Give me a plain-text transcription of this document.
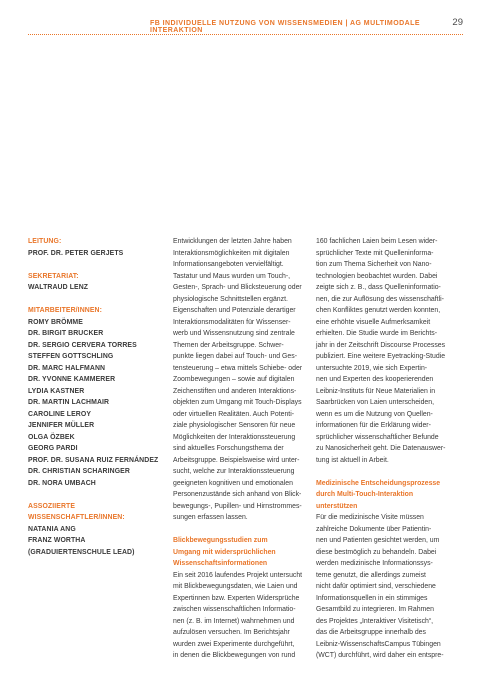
FB INDIVIDUELLE NUTZUNG VON WISSENSMEDIEN | AG MULTIMODALE INTERAKTION
29
LEITUNG:
PROF. DR. PETER GERJETS
SEKRETARIAT:
WALTRAUD LENZ
MITARBEITER/INNEN:
ROMY BRÖMME
DR. BIRGIT BRUCKER
DR. SERGIO CERVERA TORRES
STEFFEN GOTTSCHLING
DR. MARC HALFMANN
DR. YVONNE KAMMERER
LYDIA KASTNER
DR. MARTIN LACHMAIR
CAROLINE LEROY
JENNIFER MÜLLER
OLGA ÖZBEK
GEORG PARDI
PROF. DR. SUSANA RUIZ FERNÁNDEZ
DR. CHRISTIAN SCHARINGER
DR. NORA UMBACH
ASSOZIIERTE
WISSENSCHAFTLER/INNEN:
NATANIA ANG
FRANZ WORTHA
(GRADUIERTENSCHULE LEAD)
Entwicklungen der letzten Jahre haben
Interaktionsmöglichkeiten mit digitalen
Informationsangeboten vervielfältigt.
Tastatur und Maus wurden um Touch-,
Gesten-, Sprach- und Blicksteuerung oder
physiologische Schnittstellen ergänzt.
Eigenschaften und Potenziale derartiger
Interaktionsmodalitäten für Wissenser-
werb und Wissensnutzung sind zentrale
Themen der Arbeitsgruppe. Schwer-
punkte liegen dabei auf Touch- und Ges-
tensteuerung – etwa mittels Schiebe- oder
Zoombewegungen – sowie auf digitalen
Zeichenstiften und anderen Interaktions-
objekten zum Umgang mit Touch-Displays
oder virtuellen Realitäten. Auch Potenti-
ziale physiologischer Sensoren für neue
Möglichkeiten der Interaktionssteuerung
sind aktuelles Forschungsthema der
Arbeitsgruppe. Beispielsweise wird unter-
sucht, welche zur Interaktionssteuerung
geeigneten kognitiven und emotionalen
Personenzustände sich anhand von Blick-
bewegungs-, Pupillen- und Hirnstrommes-
sungen erfassen lassen.
Blickbewegungsstudien zum
Umgang mit widersprüchlichen
Wissenschaftsinformationen
Ein seit 2016 laufendes Projekt untersucht
mit Blickbewegungsdaten, wie Laien und
Expertinnen bzw. Experten Widersprüche
zwischen wissenschaftlichen Informatio-
nen (z. B. im Internet) wahrnehmen und
aufzulösen versuchen. Im Berichtsjahr
wurden zwei Experimente durchgeführt,
in denen die Blickbewegungen von rund
160 fachlichen Laien beim Lesen wider-
sprüchlicher Texte mit Quelleninforma-
tion zum Thema Sicherheit von Nano-
technologien beobachtet wurden. Dabei
zeigte sich z. B., dass Quelleninformatio-
nen, die zur Auflösung des wissenschaftli-
chen Konfliktes genutzt werden konnten,
eine erhöhte visuelle Aufmerksamkeit
erhielten. Die Studie wurde im Berichts-
jahr in der Zeitschrift Discourse Processes
publiziert. Eine weitere Eyetracking-Studie
untersuchte 2019, wie sich Expertin-
nen und Experten des kooperierenden
Leibniz-Instituts für Neue Materialien in
Saarbrücken von Laien unterscheiden,
wenn es um die Nutzung von Quellen-
informationen für die Erklärung wider-
sprüchlicher wissenschaftlicher Befunde
zu Nanosicherheit geht. Die Datenauswer-
tung ist aktuell in Arbeit.
Medizinische Entscheidungsprozesse
durch Multi-Touch-Interaktion
unterstützen
Für die medizinische Visite müssen
zahlreiche Dokumente über Patientin-
nen und Patienten gesichtet werden, um
diese bestmöglich zu behandeln. Dabei
werden medizinische Informationssys-
teme genutzt, die allerdings zumeist
nicht dafür optimiert sind, verschiedene
Informationsquellen in ein stimmiges
Gesamtbild zu integrieren. Im Rahmen
des Projektes „Interaktiver Visitetisch“,
das die Arbeitsgruppe innerhalb des
Leibniz-WissenschaftsCampus Tübingen
(WCT) durchführt, wird daher ein entspre-
